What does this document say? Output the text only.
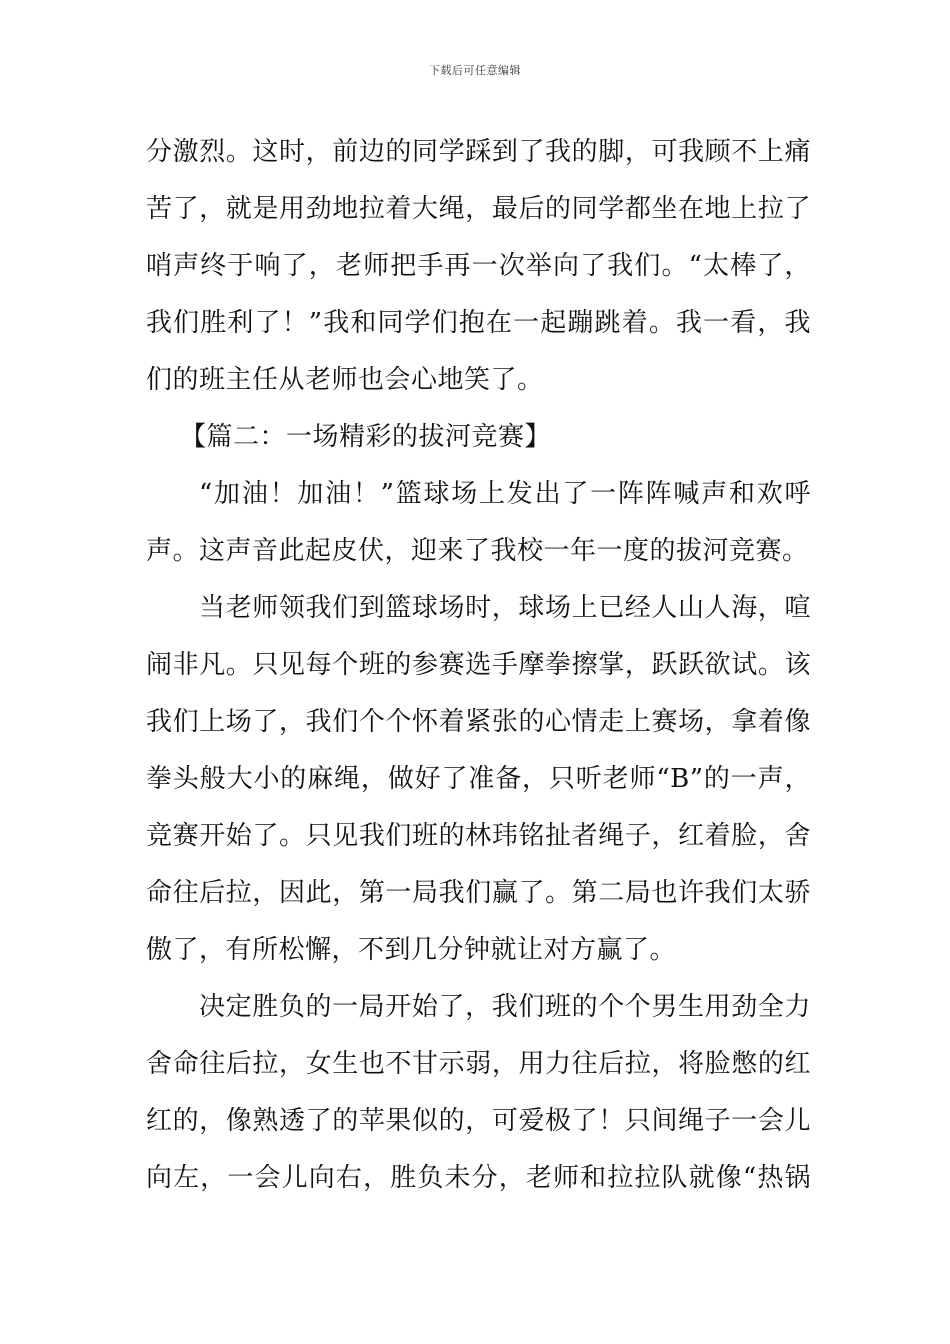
下载后可任意编辑
分激烈。这时，前边的同学踩到了我的脚，可我顾不上痛
苦了，就是用劲地拉着大绳，最后的同学都坐在地上拉了
哨声终于响了，老师把手再一次举向了我们。“太棒了，
我们胜利了！”我和同学们抱在一起蹦跳着。我一看，我
们的班主任从老师也会心地笑了。
【篇二：一场精彩的拔河竞赛】
“加油！加油！”篮球场上发出了一阵阵喊声和欢呼
声。这声音此起皮伏，迎来了我校一年一度的拔河竞赛。
当老师领我们到篮球场时，球场上已经人山人海，喧
闹非凡。只见每个班的参赛选手摩拳擦掌，跃跃欲试。该
我们上场了，我们个个怀着紧张的心情走上赛场，拿着像
拳头般大小的麻绳，做好了准备，只听老师“B”的一声，
竞赛开始了。只见我们班的林玮铭扯者绳子，红着脸，舍
命往后拉，因此，第一局我们赢了。第二局也许我们太骄
傲了，有所松懈，不到几分钟就让对方赢了。
决定胜负的一局开始了，我们班的个个男生用劲全力
舍命往后拉，女生也不甘示弱，用力往后拉，将脸憋的红
红的，像熟透了的苹果似的，可爱极了！只间绳子一会儿
向左，一会儿向右，胜负未分，老师和拉拉队就像“热锅
